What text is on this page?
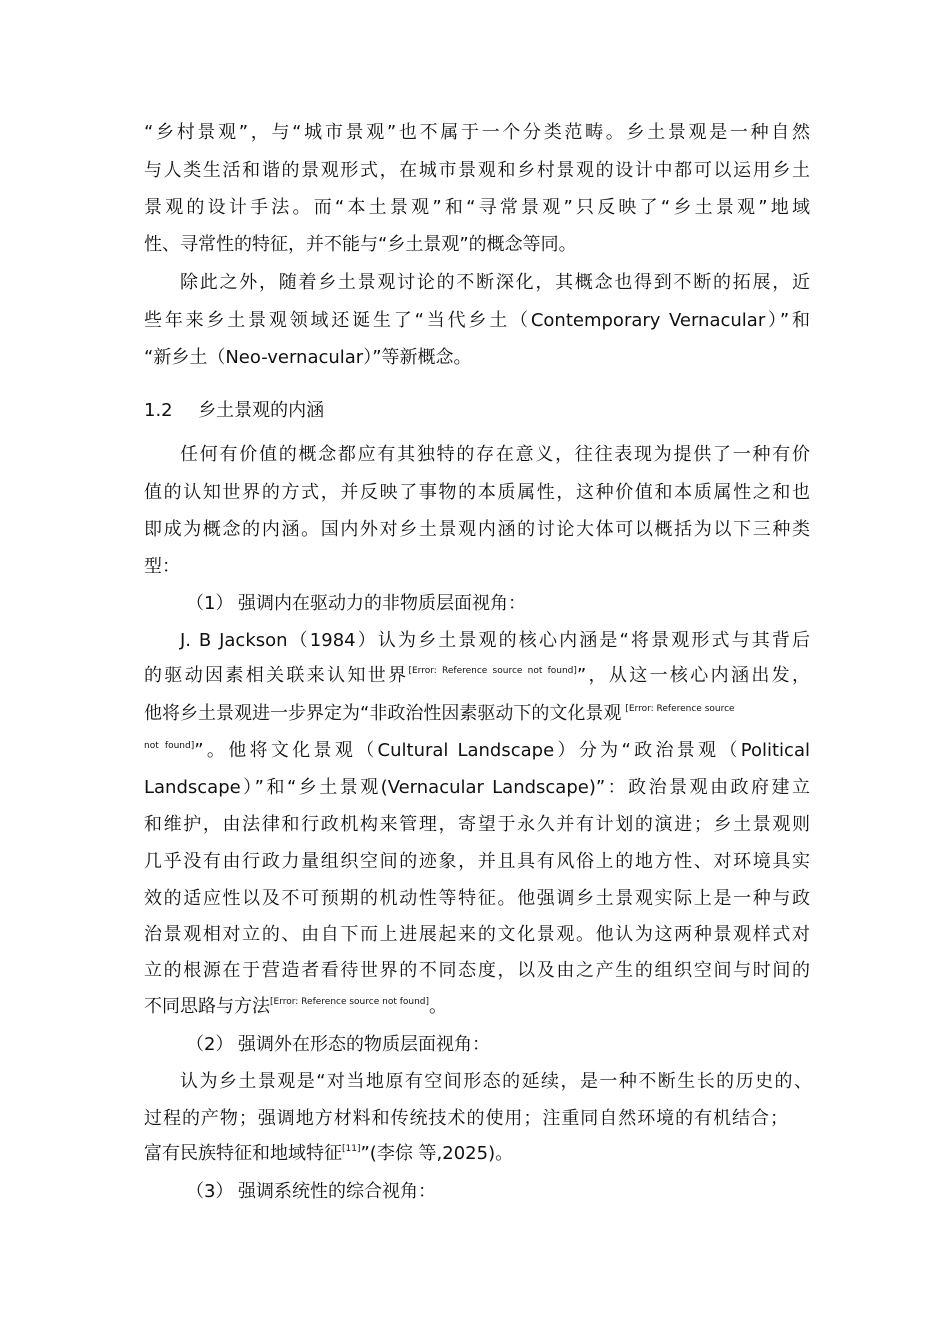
“乡村景观”，与“城市景观”也不属于一个分类范畴。乡土景观是一种自然
与人类生活和谐的景观形式，在城市景观和乡村景观的设计中都可以运用乡土
景观的设计手法。而“本土景观”和“寻常景观”只反映了“乡土景观”地域
性、寻常性的特征，并不能与“乡土景观”的概念等同。
除此之外，随着乡土景观讨论的不断深化，其概念也得到不断的拓展，近
些年来乡土景观领域还诞生了“当代乡土（Contemporary Vernacular）”和
“新乡土（Neo-vernacular）”等新概念。
1.2 乡土景观的内涵
任何有价值的概念都应有其独特的存在意义，往往表现为提供了一种有价
值的认知世界的方式，并反映了事物的本质属性，这种价值和本质属性之和也
即成为概念的内涵。国内外对乡土景观内涵的讨论大体可以概括为以下三种类
型：
（1） 强调内在驱动力的非物质层面视角：
J. B Jackson（1984）认为乡土景观的核心内涵是“将景观形式与其背后
的驱动因素相关联来认知世界[Error: Reference source not found]”，从这一核心内涵出发，
他将乡土景观进一步界定为“非政治性因素驱动下的文化景观 $^{[Error: Reference source}$
$^{not found]}$”。他将文化景观（Cultural Landscape）分为“政治景观（Political
Landscape）”和“乡土景观(Vernacular Landscape)”：政治景观由政府建立
和维护，由法律和行政机构来管理，寄望于永久并有计划的演进；乡土景观则
几乎没有由行政力量组织空间的迹象，并且具有风俗上的地方性、对环境具实
效的适应性以及不可预期的机动性等特征。他强调乡土景观实际上是一种与政
治景观相对立的、由自下而上进展起来的文化景观。他认为这两种景观样式对
立的根源在于营造者看待世界的不同态度，以及由之产生的组织空间与时间的
不同思路与方法[Error: Reference source not found]。
（2） 强调外在形态的物质层面视角：
认为乡土景观是“对当地原有空间形态的延续，是一种不断生长的历史的、
过程的产物；强调地方材料和传统技术的使用；注重同自然环境的有机结合；
富有民族特征和地域特征[11]”(李倧 等,2025)。
（3） 强调系统性的综合视角：
